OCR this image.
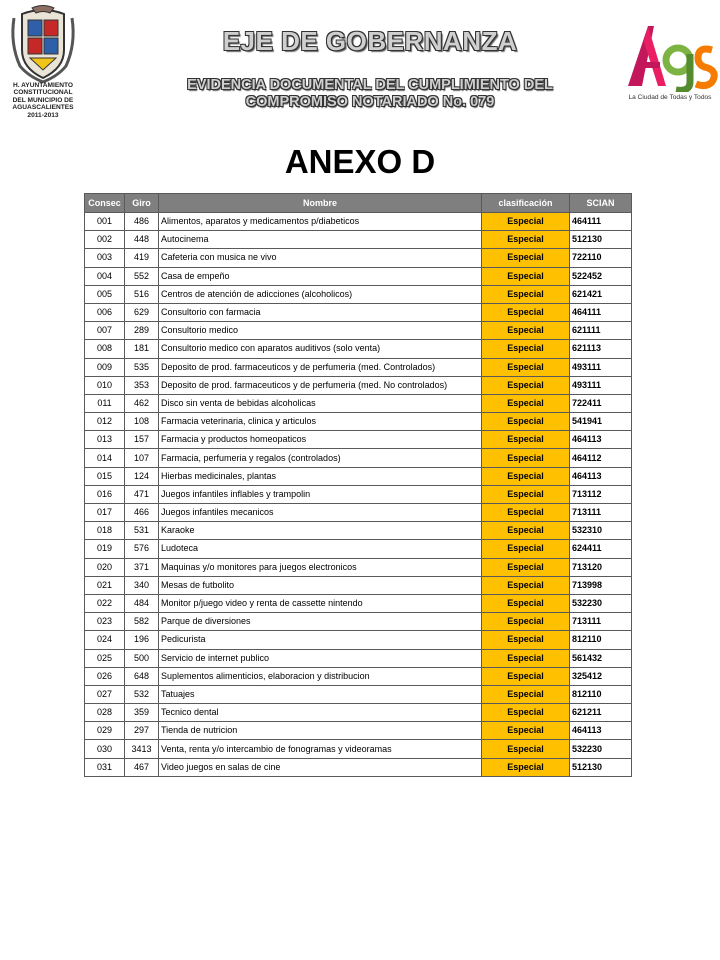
H. AYUNTAMIENTO
CONSTITUCIONAL
DEL MUNICIPIO DE
AGUASCALIENTES
2011-2013
EJE DE GOBERNANZA
EVIDENCIA DOCUMENTAL DEL CUMPLIMIENTO DEL
COMPROMISO NOTARIADO No. 079	La Ciudad de Todas y Todos
ANEXO D
Consec	Giro	Nombre	clasificación	SCIAN
001	486	Alimentos, aparatos y medicamentos p/diabeticos	Especial	464111
002	448	Autocinema	Especial	512130
003	419	Cafeteria con musica ne vivo	Especial	722110
004	552	Casa de empeño	Especial	522452
005	516	Centros de atención de adicciones (alcoholicos)	Especial	621421
006	629	Consultorio con farmacia	Especial	464111
007	289	Consultorio medico	Especial	621111
008	181	Consultorio medico con aparatos auditivos (solo venta)	Especial	621113
009	535	Deposito de prod. farmaceuticos y de perfumeria (med. Controlados)	Especial	493111
010	353	Deposito de prod. farmaceuticos y de perfumeria (med. No controlados)	Especial	493111
011	462	Disco sin venta de bebidas alcoholicas	Especial	722411
012	108	Farmacia veterinaria, clinica y articulos	Especial	541941
013	157	Farmacia y productos homeopaticos	Especial	464113
014	107	Farmacia, perfumeria y regalos (controlados)	Especial	464112
015	124	Hierbas medicinales, plantas	Especial	464113
016	471	Juegos infantiles inflables y trampolin	Especial	713112
017	466	Juegos infantiles mecanicos	Especial	713111
018	531	Karaoke	Especial	532310
019	576	Ludoteca	Especial	624411
020	371	Maquinas y/o monitores para juegos electronicos	Especial	713120
021	340	Mesas de futbolito	Especial	713998
022	484	Monitor p/juego video y renta de cassette nintendo	Especial	532230
023	582	Parque de diversiones	Especial	713111
024	196	Pedicurista	Especial	812110
025	500	Servicio de internet publico	Especial	561432
026	648	Suplementos alimenticios, elaboracion y distribucion	Especial	325412
027	532	Tatuajes	Especial	812110
028	359	Tecnico dental	Especial	621211
029	297	Tienda de nutricion	Especial	464113
030	3413	Venta, renta y/o intercambio de fonogramas y videoramas	Especial	532230
031	467	Video juegos en salas de cine	Especial	512130
